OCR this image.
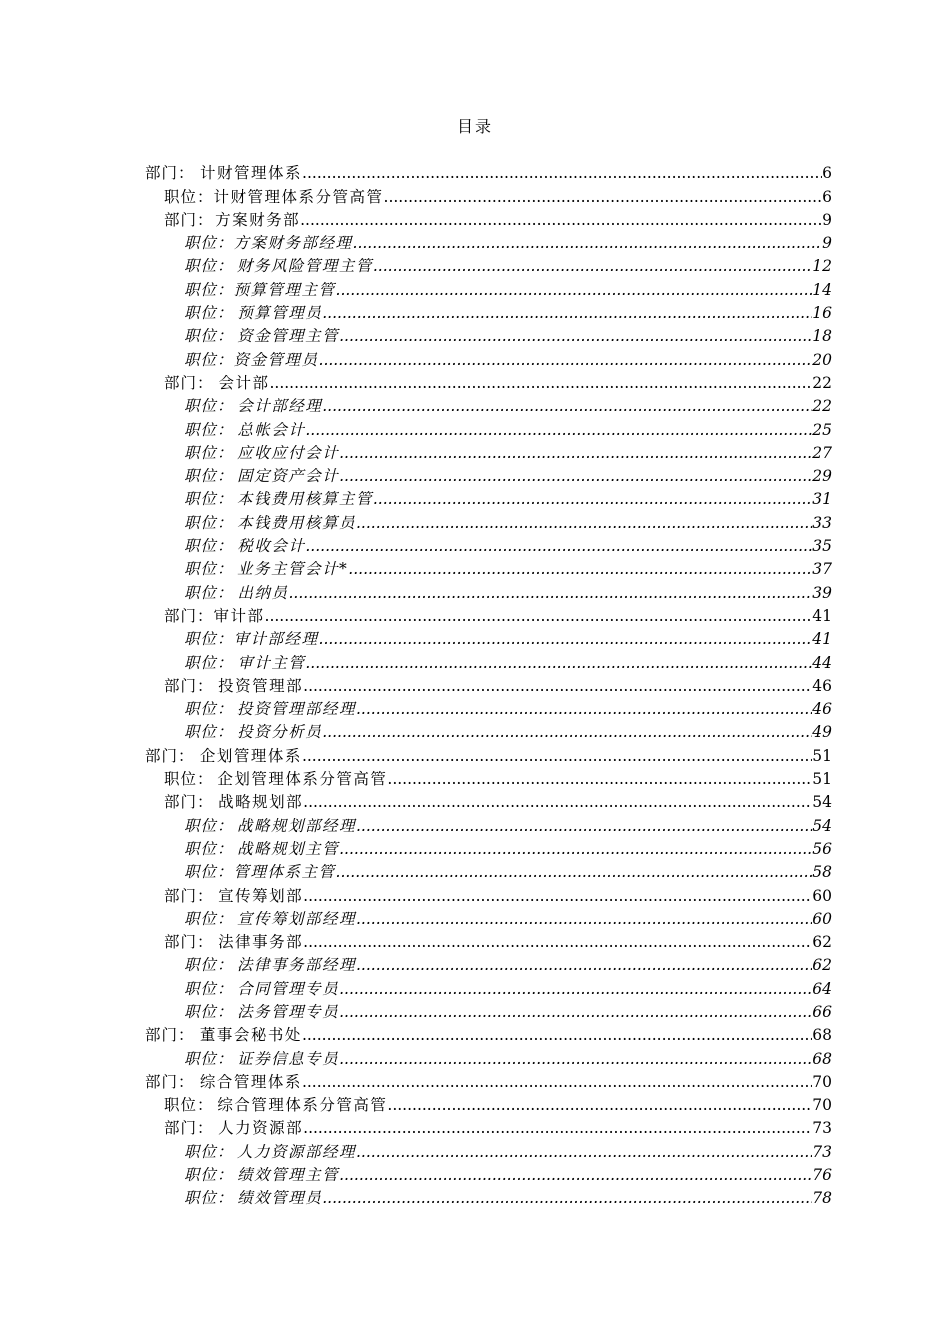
目录
部门： 计财管理体系 .....	6
职位： 计财管理体系分管高管 .....	6
部门： 方案财务部 .....	9
职位： 方案财务部经理 .....	9
职位： 财务风险管理主管 .....	12
职位： 预算管理主管 .....	14
职位： 预算管理员 .....	16
职位： 资金管理主管 .....	18
职位： 资金管理员 .....	20
部门： 会计部 .....	22
职位： 会计部经理 .....	22
职位： 总帐会计 .....	25
职位： 应收应付会计 .....	27
职位： 固定资产会计 .....	29
职位： 本钱费用核算主管 .....	31
职位： 本钱费用核算员 .....	33
职位： 税收会计 .....	35
职位： 业务主管会计* .....	37
职位： 出纳员 .....	39
部门： 审计部 .....	41
职位： 审计部经理 .....	41
职位： 审计主管 .....	44
部门： 投资管理部 .....	46
职位： 投资管理部经理 .....	46
职位： 投资分析员 .....	49
部门： 企划管理体系 .....	51
职位： 企划管理体系分管高管 .....	51
部门： 战略规划部 .....	54
职位： 战略规划部经理 .....	54
职位： 战略规划主管 .....	56
职位： 管理体系主管 .....	58
部门： 宣传筹划部 .....	60
职位： 宣传筹划部经理 .....	60
部门： 法律事务部 .....	62
职位： 法律事务部经理 .....	62
职位： 合同管理专员 .....	64
职位： 法务管理专员 .....	66
部门： 董事会秘书处 .....	68
职位： 证券信息专员 .....	68
部门： 综合管理体系 .....	70
职位： 综合管理体系分管高管 .....	70
部门： 人力资源部 .....	73
职位： 人力资源部经理 .....	73
职位： 绩效管理主管 .....	76
职位： 绩效管理员 .....	78
